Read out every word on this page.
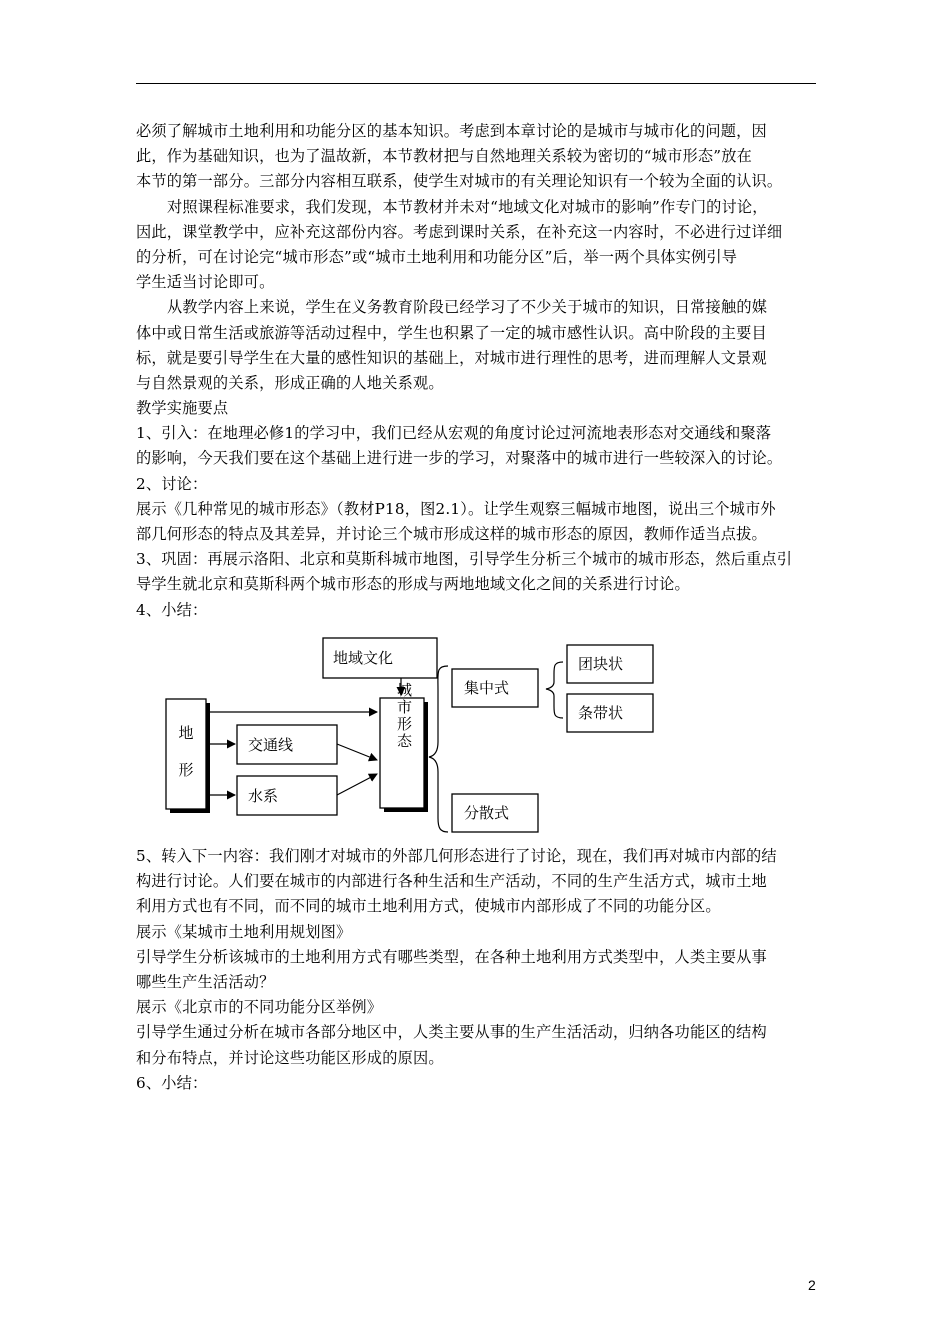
必须了解城市土地利用和功能分区的基本知识。考虑到本章讨论的是城市与城市化的问题，因
此，作为基础知识，也为了温故新，本节教材把与自然地理关系较为密切的“城市形态”放在
本节的第一部分。三部分内容相互联系，使学生对城市的有关理论知识有一个较为全面的认识。
对照课程标准要求，我们发现，本节教材并未对“地域文化对城市的影响”作专门的讨论，
因此，课堂教学中，应补充这部份内容。考虑到课时关系，在补充这一内容时，不必进行过详细
的分析，可在讨论完“城市形态”或“城市土地利用和功能分区”后，举一两个具体实例引导
学生适当讨论即可。
从教学内容上来说，学生在义务教育阶段已经学习了不少关于城市的知识，日常接触的媒
体中或日常生活或旅游等活动过程中，学生也积累了一定的城市感性认识。高中阶段的主要目
标，就是要引导学生在大量的感性知识的基础上，对城市进行理性的思考，进而理解人文景观
与自然景观的关系，形成正确的人地关系观。
教学实施要点
1、引入：在地理必修1的学习中，我们已经从宏观的角度讨论过河流地表形态对交通线和聚落
的影响，今天我们要在这个基础上进行进一步的学习，对聚落中的城市进行一些较深入的讨论。
2、讨论：
展示《几种常见的城市形态》（教材P18，图2.1）。让学生观察三幅城市地图，说出三个城市外
部几何形态的特点及其差异，并讨论三个城市形成这样的城市形态的原因，教师作适当点拔。
3、巩固：再展示洛阳、北京和莫斯科城市地图，引导学生分析三个城市的城市形态，然后重点引
导学生就北京和莫斯科两个城市形态的形成与两地地域文化之间的关系进行讨论。
4、小结：
地
形
地域文化
交通线
水系
城市形态	集中式
团块状
条带状
分散式
5、转入下一内容：我们刚才对城市的外部几何形态进行了讨论，现在，我们再对城市内部的结
构进行讨论。人们要在城市的内部进行各种生活和生产活动，不同的生产生活方式，城市土地
利用方式也有不同，而不同的城市土地利用方式，使城市内部形成了不同的功能分区。
展示《某城市土地利用规划图》
引导学生分析该城市的土地利用方式有哪些类型，在各种土地利用方式类型中，人类主要从事
哪些生产生活活动？
展示《北京市的不同功能分区举例》
引导学生通过分析在城市各部分地区中，人类主要从事的生产生活活动，归纳各功能区的结构
和分布特点，并讨论这些功能区形成的原因。
6、小结：
2
